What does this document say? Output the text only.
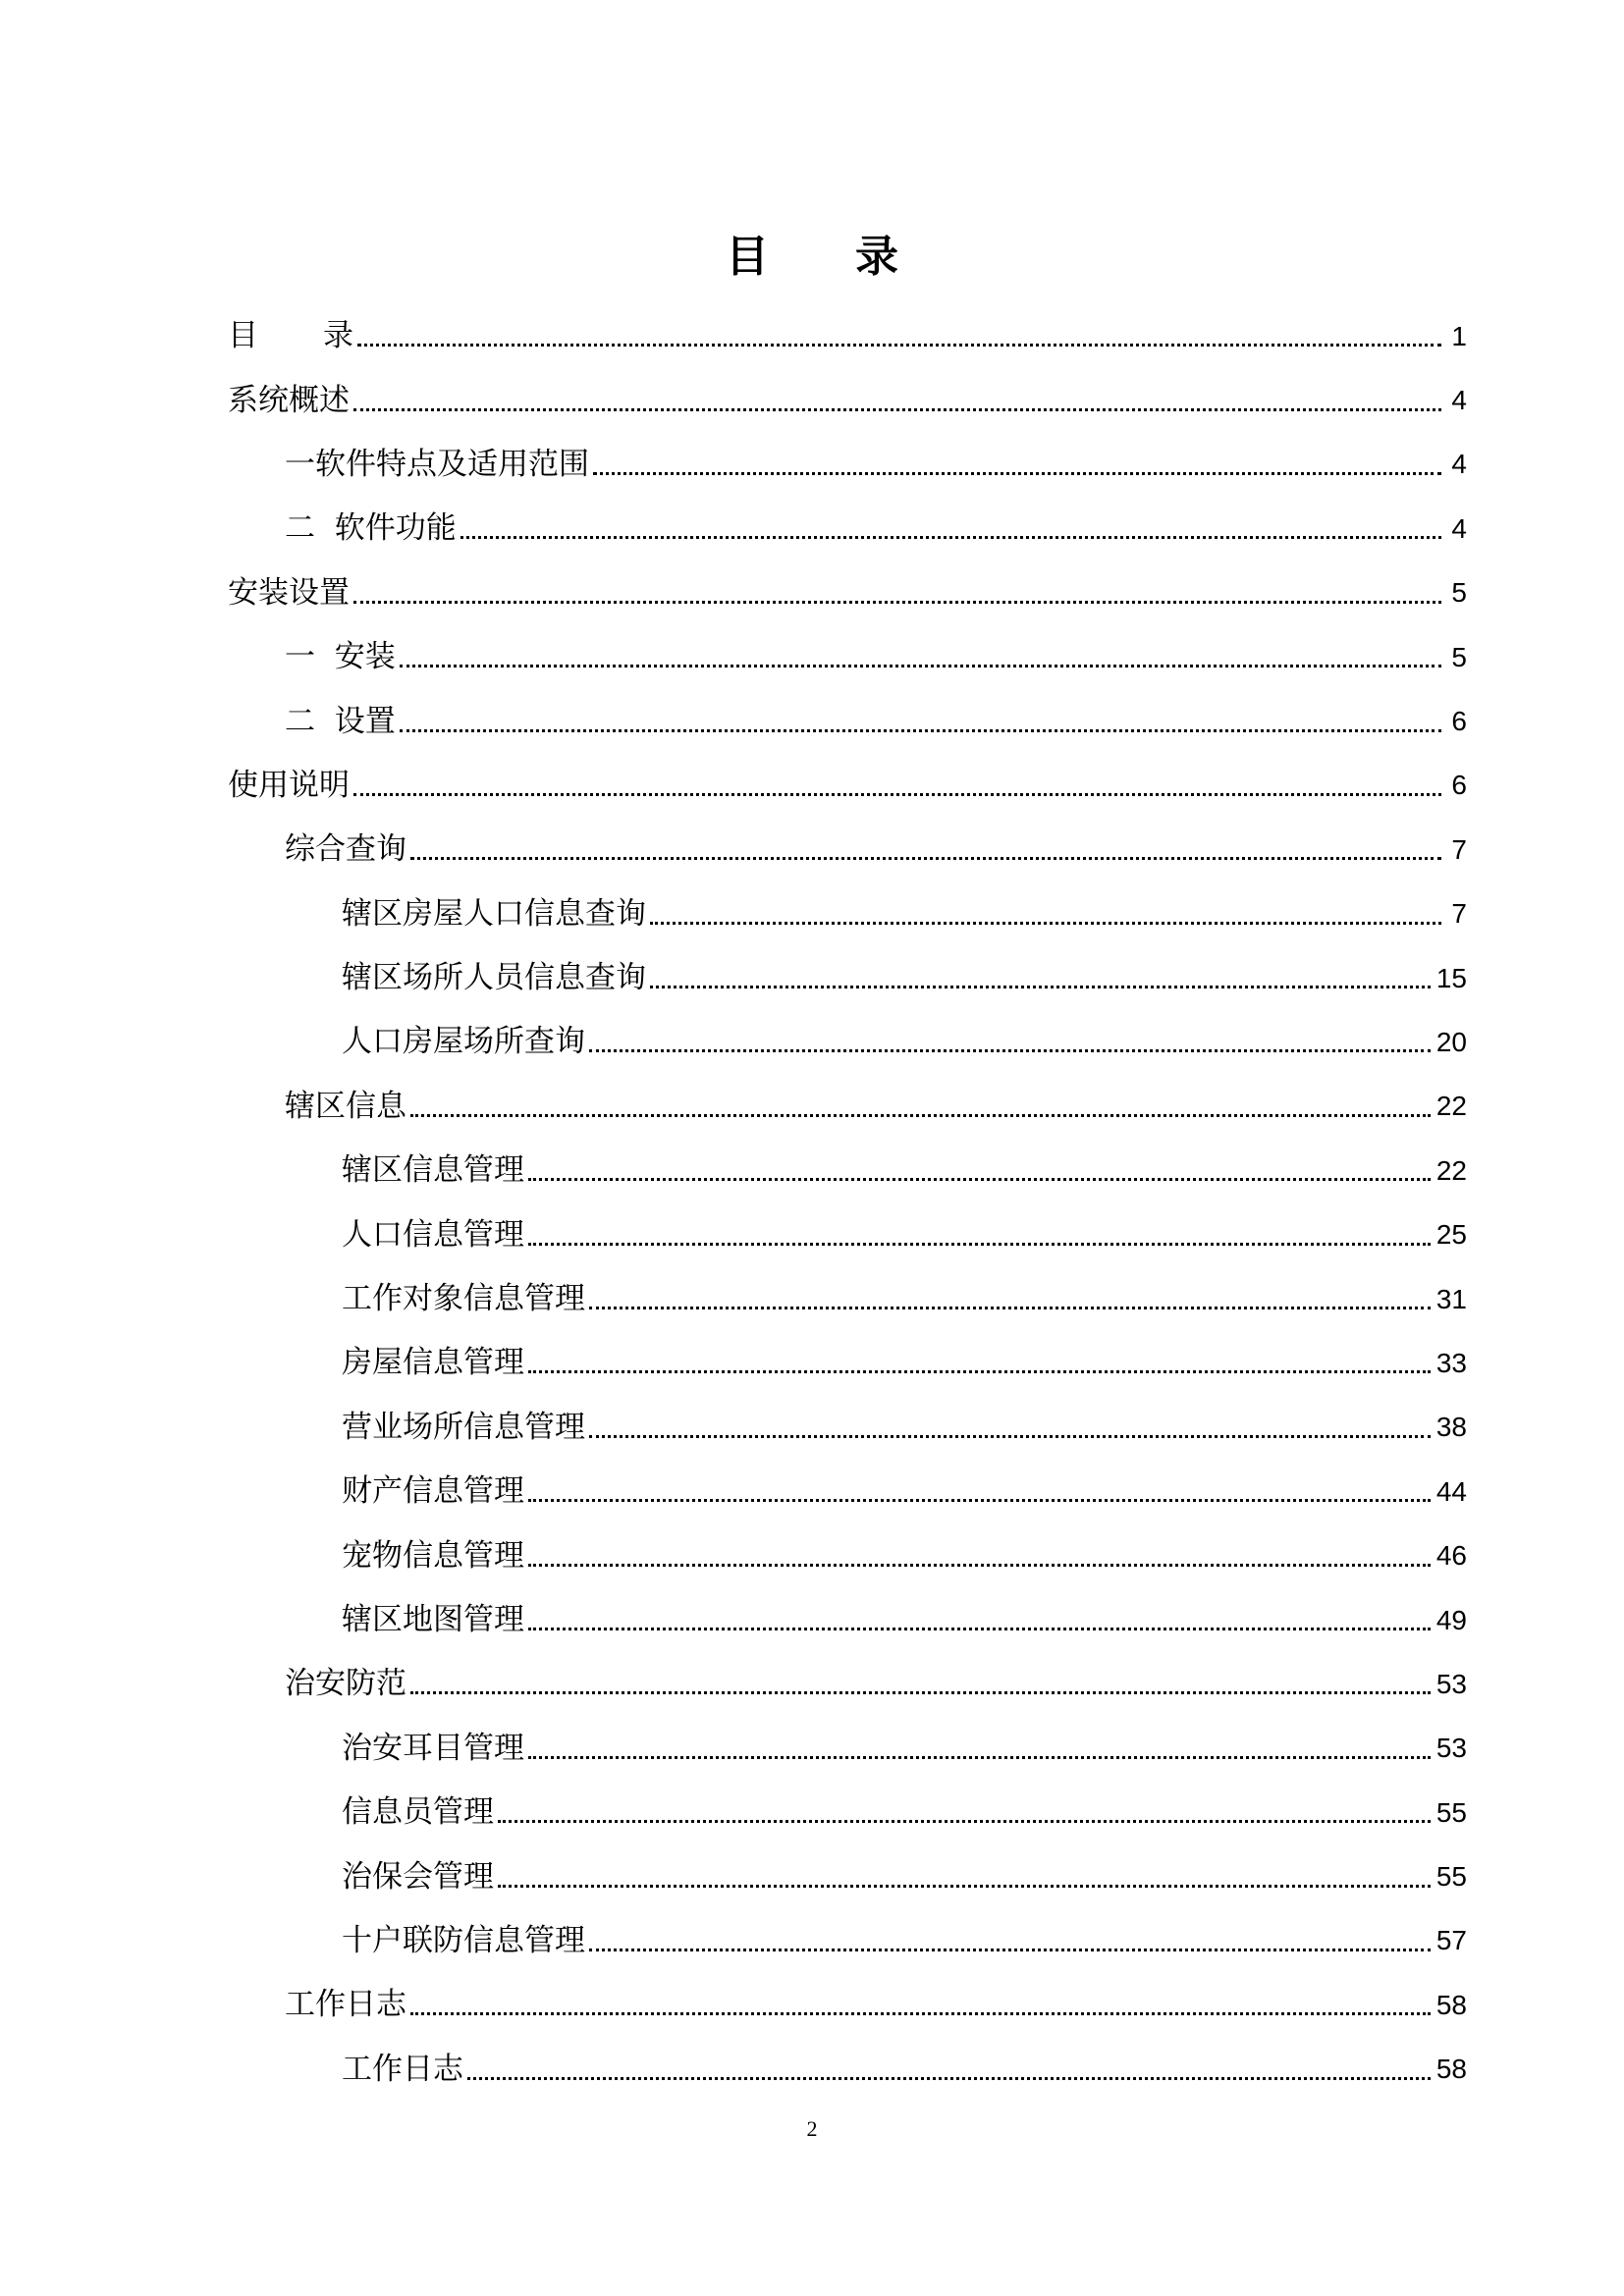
目 录
目 录	1
系统概述	4
一软件特点及适用范围	4
二  软件功能	4
安装设置	5
一  安装	5
二  设置	6
使用说明	6
综合查询	7
辖区房屋人口信息查询	7
辖区场所人员信息查询	15
人口房屋场所查询	20
辖区信息	22
辖区信息管理	22
人口信息管理	25
工作对象信息管理	31
房屋信息管理	33
营业场所信息管理	38
财产信息管理	44
宠物信息管理	46
辖区地图管理	49
治安防范	53
治安耳目管理	53
信息员管理	55
治保会管理	55
十户联防信息管理	57
工作日志	58
工作日志	58
2
